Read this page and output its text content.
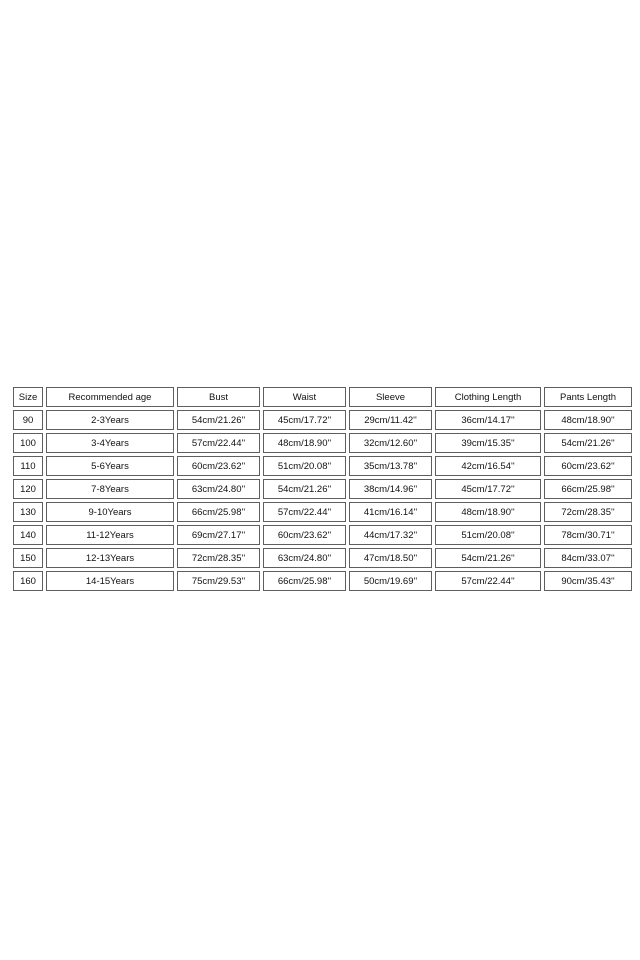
Size	Recommended age	Bust	Waist	Sleeve	Clothing Length	Pants Length
90	2-3Years	54cm/21.26''	45cm/17.72''	29cm/11.42''	36cm/14.17''	48cm/18.90''
100	3-4Years	57cm/22.44''	48cm/18.90''	32cm/12.60''	39cm/15.35''	54cm/21.26''
110	5-6Years	60cm/23.62''	51cm/20.08''	35cm/13.78''	42cm/16.54''	60cm/23.62''
120	7-8Years	63cm/24.80''	54cm/21.26''	38cm/14.96''	45cm/17.72''	66cm/25.98''
130	9-10Years	66cm/25.98''	57cm/22.44''	41cm/16.14''	48cm/18.90''	72cm/28.35''
140	11-12Years	69cm/27.17''	60cm/23.62''	44cm/17.32''	51cm/20.08''	78cm/30.71''
150	12-13Years	72cm/28.35''	63cm/24.80''	47cm/18.50''	54cm/21.26''	84cm/33.07''
160	14-15Years	75cm/29.53''	66cm/25.98''	50cm/19.69''	57cm/22.44''	90cm/35.43''
